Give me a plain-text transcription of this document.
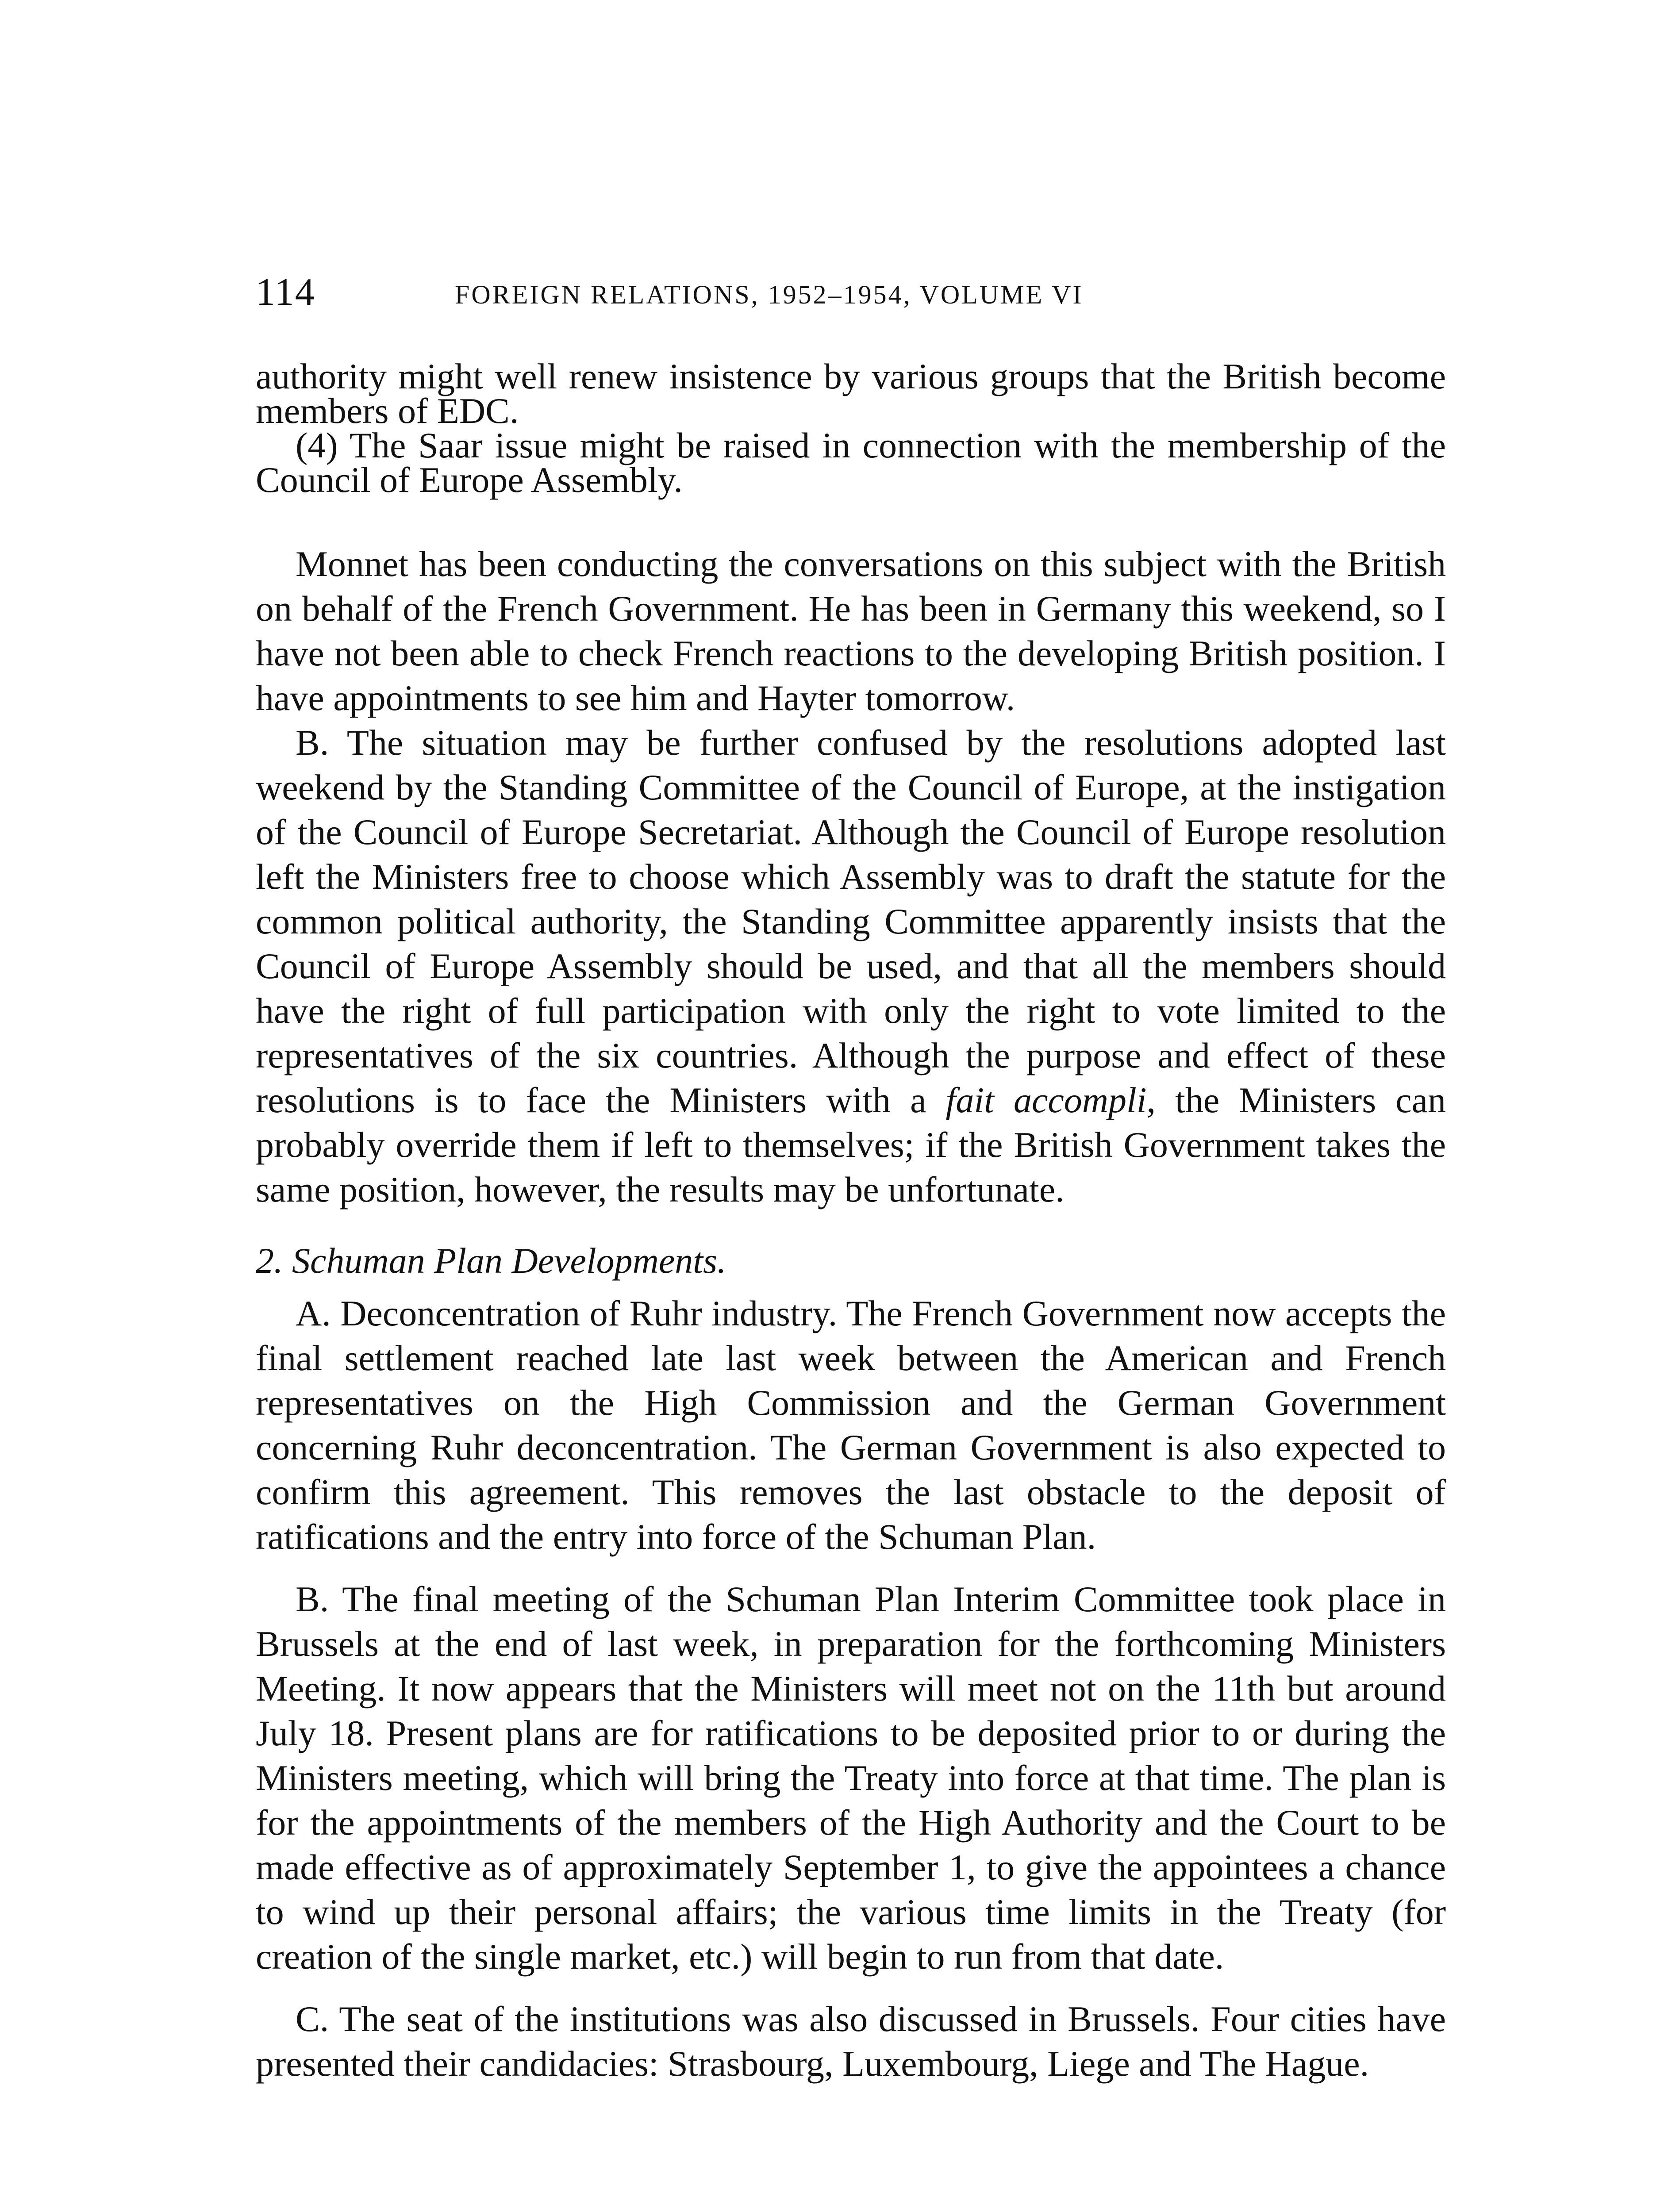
114	FOREIGN RELATIONS, 1952–1954, VOLUME VI

authority might well renew insistence by various groups that the British become members of EDC.

(4) The Saar issue might be raised in connection with the membership of the Council of Europe Assembly.

Monnet has been conducting the conversations on this subject with the British on behalf of the French Government. He has been in Germany this weekend, so I have not been able to check French reactions to the developing British position. I have appointments to see him and Hayter tomorrow.

B. The situation may be further confused by the resolutions adopted last weekend by the Standing Committee of the Council of Europe, at the instigation of the Council of Europe Secretariat. Although the Council of Europe resolution left the Ministers free to choose which Assembly was to draft the statute for the common political authority, the Standing Committee apparently insists that the Council of Europe Assembly should be used, and that all the members should have the right of full participation with only the right to vote limited to the representatives of the six countries. Although the purpose and effect of these resolutions is to face the Ministers with a fait accompli, the Ministers can probably override them if left to themselves; if the British Government takes the same position, however, the results may be unfortunate.

2. Schuman Plan Developments.

A. Deconcentration of Ruhr industry. The French Government now accepts the final settlement reached late last week between the American and French representatives on the High Commission and the German Government concerning Ruhr deconcentration. The German Government is also expected to confirm this agreement. This removes the last obstacle to the deposit of ratifications and the entry into force of the Schuman Plan.

B. The final meeting of the Schuman Plan Interim Committee took place in Brussels at the end of last week, in preparation for the forthcoming Ministers Meeting. It now appears that the Ministers will meet not on the 11th but around July 18. Present plans are for ratifications to be deposited prior to or during the Ministers meeting, which will bring the Treaty into force at that time. The plan is for the appointments of the members of the High Authority and the Court to be made effective as of approximately September 1, to give the appointees a chance to wind up their personal affairs; the various time limits in the Treaty (for creation of the single market, etc.) will begin to run from that date.

C. The seat of the institutions was also discussed in Brussels. Four cities have presented their candidacies: Strasbourg, Luxembourg, Liege and The Hague.
